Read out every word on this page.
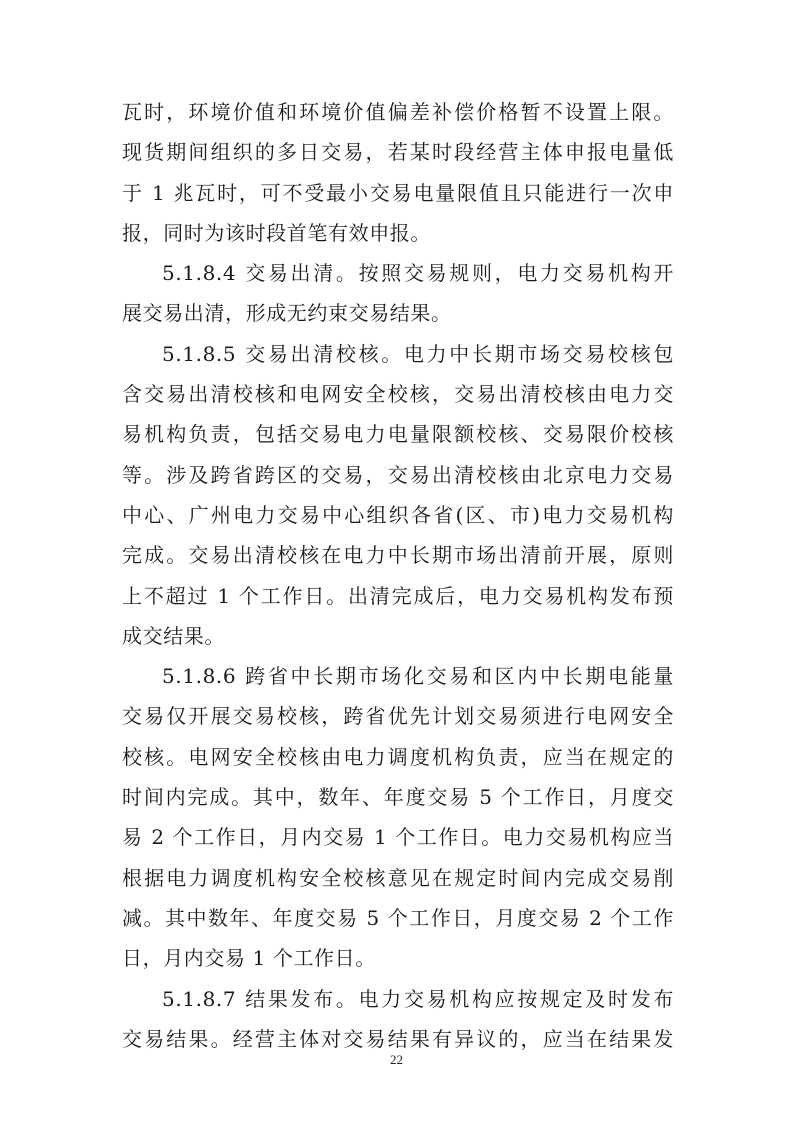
瓦时，环境价值和环境价值偏差补偿价格暂不设置上限。
现货期间组织的多日交易，若某时段经营主体申报电量低
于 1 兆瓦时，可不受最小交易电量限值且只能进行一次申
报，同时为该时段首笔有效申报。

5.1.8.4 交易出清。按照交易规则，电力交易机构开
展交易出清，形成无约束交易结果。

5.1.8.5 交易出清校核。电力中长期市场交易校核包
含交易出清校核和电网安全校核，交易出清校核由电力交
易机构负责，包括交易电力电量限额校核、交易限价校核
等。涉及跨省跨区的交易，交易出清校核由北京电力交易
中心、广州电力交易中心组织各省(区、市)电力交易机构
完成。交易出清校核在电力中长期市场出清前开展，原则
上不超过 1 个工作日。出清完成后，电力交易机构发布预
成交结果。

5.1.8.6 跨省中长期市场化交易和区内中长期电能量
交易仅开展交易校核，跨省优先计划交易须进行电网安全
校核。电网安全校核由电力调度机构负责，应当在规定的
时间内完成。其中，数年、年度交易 5 个工作日，月度交
易 2 个工作日，月内交易 1 个工作日。电力交易机构应当
根据电力调度机构安全校核意见在规定时间内完成交易削
减。其中数年、年度交易 5 个工作日，月度交易 2 个工作
日，月内交易 1 个工作日。

5.1.8.7 结果发布。电力交易机构应按规定及时发布
交易结果。经营主体对交易结果有异议的，应当在结果发

22
